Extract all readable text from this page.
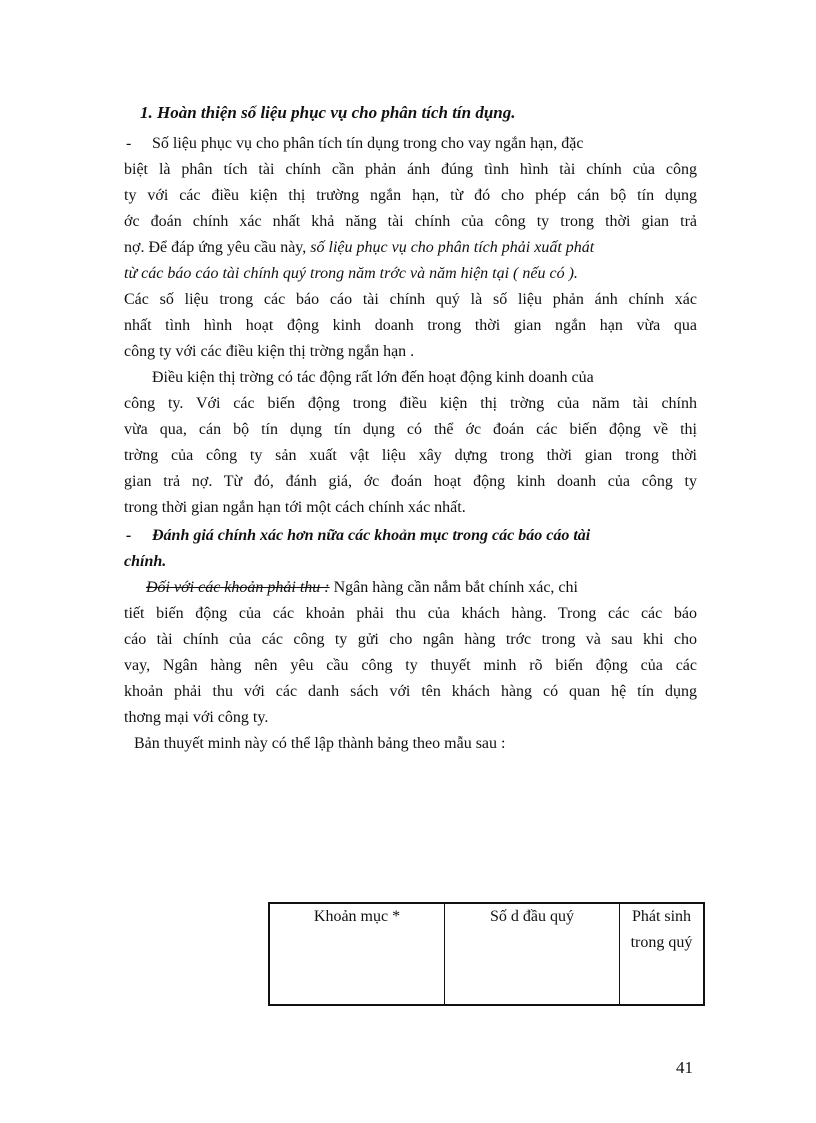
1. Hoàn thiện số liệu phục vụ cho phân tích tín dụng.
- Số liệu phục vụ cho phân tích tín dụng trong cho vay ngắn hạn, đặc
biệt là phân tích tài chính cần phản ánh đúng tình hình tài chính của công
ty với các điều kiện thị trường ngắn hạn, từ đó cho phép cán bộ tín dụng
ớc đoán chính xác nhất khả năng tài chính của công ty trong thời gian trả
nợ. Để đáp ứng yêu cầu này, số liệu phục vụ cho phân tích phải xuất phát
từ các báo cáo tài chính quý trong năm trớc và năm hiện tại ( nếu có ).
Các số liệu trong các báo cáo tài chính quý là số liệu phản ánh chính xác
nhất tình hình hoạt động kinh doanh trong thời gian ngắn hạn vừa qua
công ty với các điều kiện thị trờng ngắn hạn .
Điều kiện thị trờng có tác động rất lớn đến hoạt động kinh doanh của
công ty. Với các biến động trong điều kiện thị trờng của năm tài chính
vừa qua, cán bộ tín dụng tín dụng có thể ớc đoán các biến động về thị
trờng của công ty sản xuất vật liệu xây dựng trong thời gian trong thời
gian trả nợ. Từ đó, đánh giá, ớc đoán hoạt động kinh doanh của công ty
trong thời gian ngắn hạn tới một cách chính xác nhất.
- Đánh giá chính xác hơn nữa các khoản mục trong các báo cáo tài
chính.
Đối với các khoản phải thu : Ngân hàng cần nắm bắt chính xác, chi
tiết biến động của các khoản phải thu của khách hàng. Trong các các báo
cáo tài chính của các công ty gửi cho ngân hàng trớc trong và sau khi cho
vay, Ngân hàng nên yêu cầu công ty thuyết minh rõ biến động của các
khoản phải thu với các danh sách với tên khách hàng có quan hệ tín dụng
thơng mại với công ty.
Bản thuyết minh này có thể lập thành bảng theo mẫu sau :
Khoản mục *	Số d đầu quý	Phát sinh trong quý
41
